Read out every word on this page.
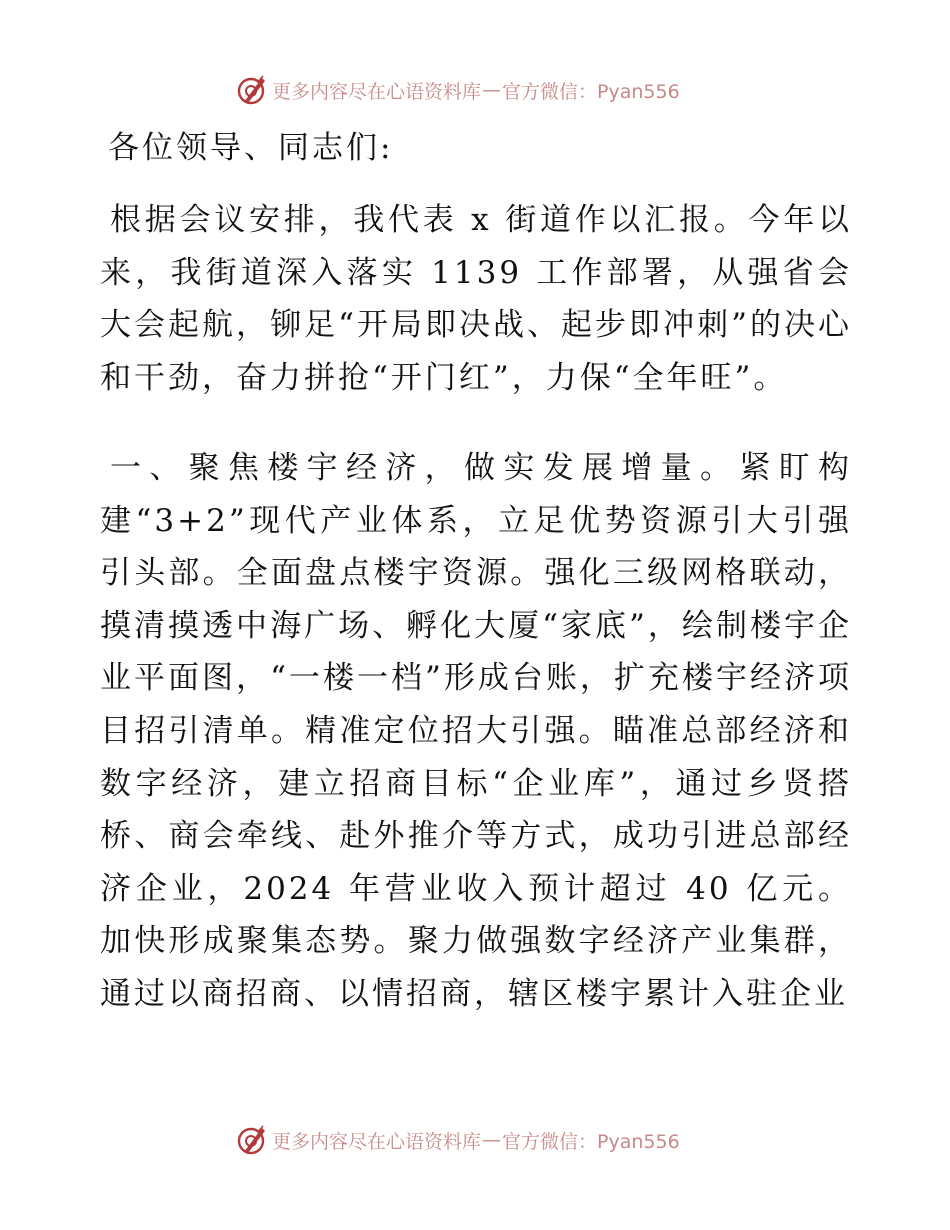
更多内容尽在心语资料库 — 官方微信：Pyan556

各位领导、同志们:

根据会议安排，我代表 x 街道作以汇报。今年以来，我街道深入落实 1139 工作部署，从强省会大会起航，铆足“开局即决战、起步即冲刺”的决心和干劲，奋力拼抢“开门红”，力保“全年旺”。

一、聚焦楼宇经济，做实发展增量。紧盯构建“3+2”现代产业体系，立足优势资源引大引强引头部。全面盘点楼宇资源。强化三级网格联动，摸清摸透中海广场、孵化大厦“家底”，绘制楼宇企业平面图，“一楼一档”形成台账，扩充楼宇经济项目招引清单。精准定位招大引强。瞄准总部经济和数字经济，建立招商目标“企业库”，通过乡贤搭桥、商会牵线、赴外推介等方式，成功引进总部经济企业，2024 年营业收入预计超过 40 亿元。加快形成聚集态势。聚力做强数字经济产业集群，通过以商招商、以情招商，辖区楼宇累计入驻企业

更多内容尽在心语资料库 — 官方微信：Pyan556
